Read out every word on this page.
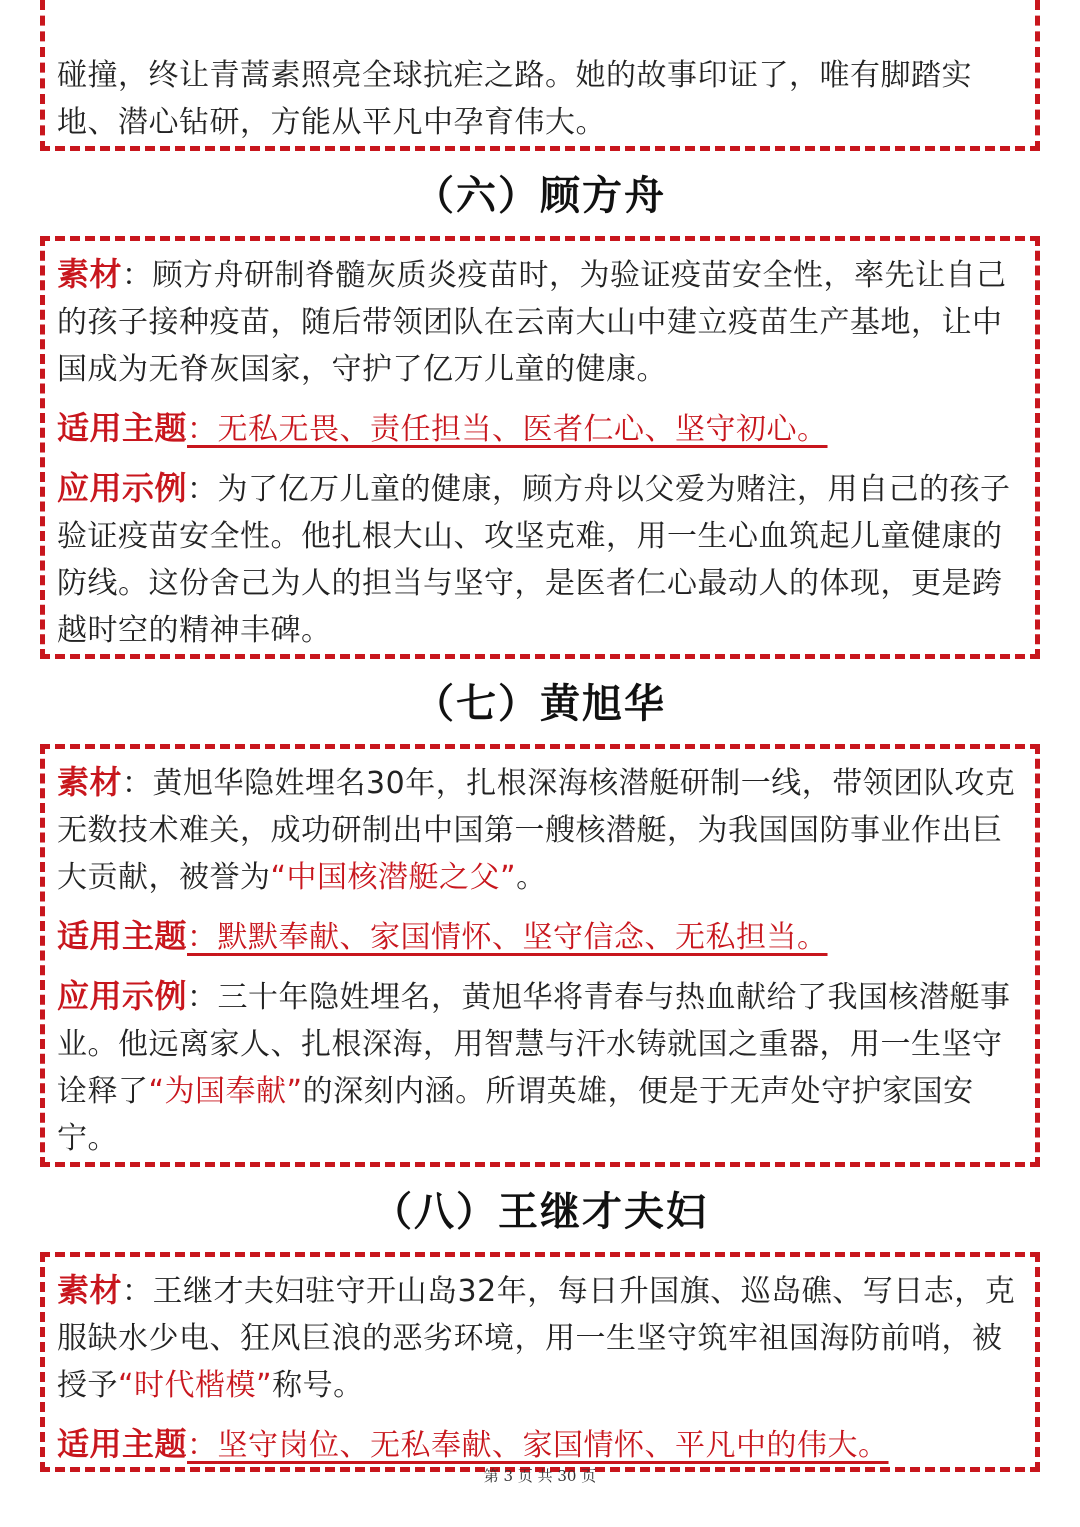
碰撞，终让青蒿素照亮全球抗疟之路。她的故事印证了，唯有脚踏实地、潜心钻研，方能从平凡中孕育伟大。

（六）顾方舟

素材：顾方舟研制脊髓灰质炎疫苗时，为验证疫苗安全性，率先让自己的孩子接种疫苗，随后带领团队在云南大山中建立疫苗生产基地，让中国成为无脊灰国家，守护了亿万儿童的健康。

适用主题：无私无畏、责任担当、医者仁心、坚守初心。

应用示例：为了亿万儿童的健康，顾方舟以父爱为赌注，用自己的孩子验证疫苗安全性。他扎根大山、攻坚克难，用一生心血筑起儿童健康的防线。这份舍己为人的担当与坚守，是医者仁心最动人的体现，更是跨越时空的精神丰碑。

（七）黄旭华

素材：黄旭华隐姓埋名30年，扎根深海核潜艇研制一线，带领团队攻克无数技术难关，成功研制出中国第一艘核潜艇，为我国国防事业作出巨大贡献，被誉为“中国核潜艇之父”。

适用主题：默默奉献、家国情怀、坚守信念、无私担当。

应用示例：三十年隐姓埋名，黄旭华将青春与热血献给了我国核潜艇事业。他远离家人、扎根深海，用智慧与汗水铸就国之重器，用一生坚守诠释了“为国奉献”的深刻内涵。所谓英雄，便是于无声处守护家国安宁。

（八）王继才夫妇

素材：王继才夫妇驻守开山岛32年，每日升国旗、巡岛礁、写日志，克服缺水少电、狂风巨浪的恶劣环境，用一生坚守筑牢祖国海防前哨，被授予“时代楷模”称号。

适用主题：坚守岗位、无私奉献、家国情怀、平凡中的伟大。

第 3 页 共 30 页
